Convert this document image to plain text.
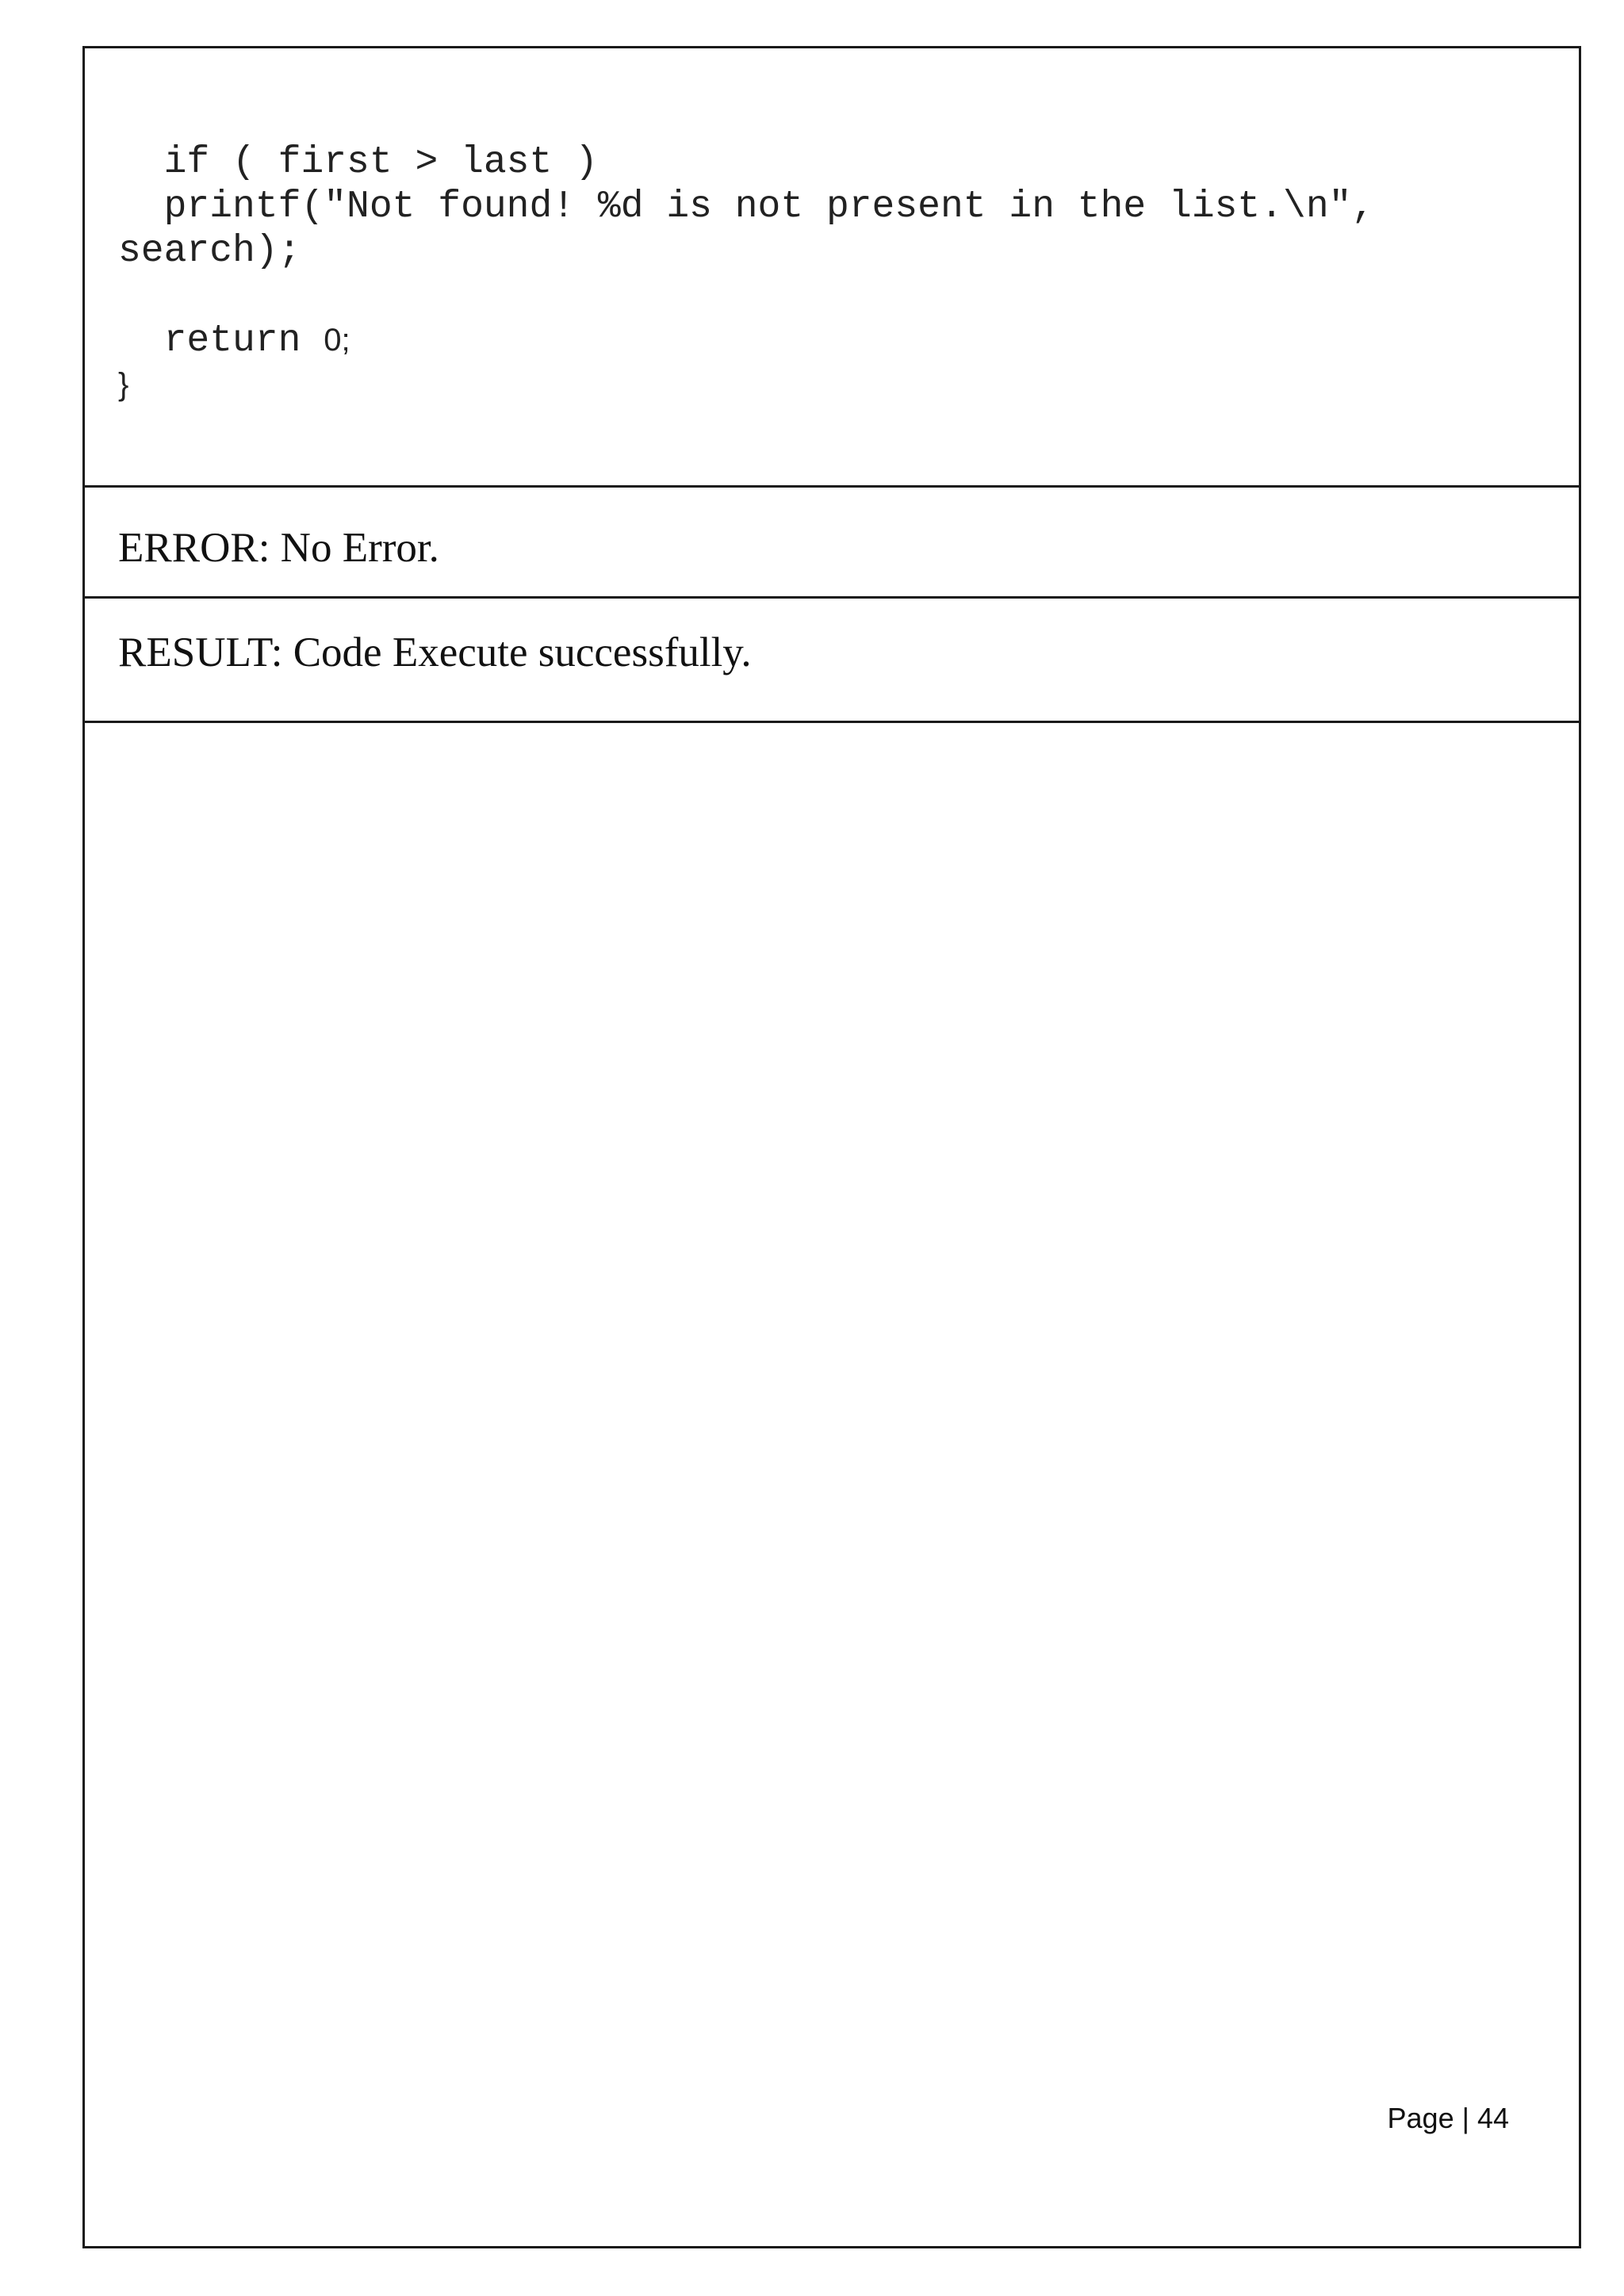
if ( first > last )
printf("Not found! %d is not present in the list.\n",
search);
return 0;
}
ERROR: No Error.
RESULT: Code Execute successfully.
Page | 44
